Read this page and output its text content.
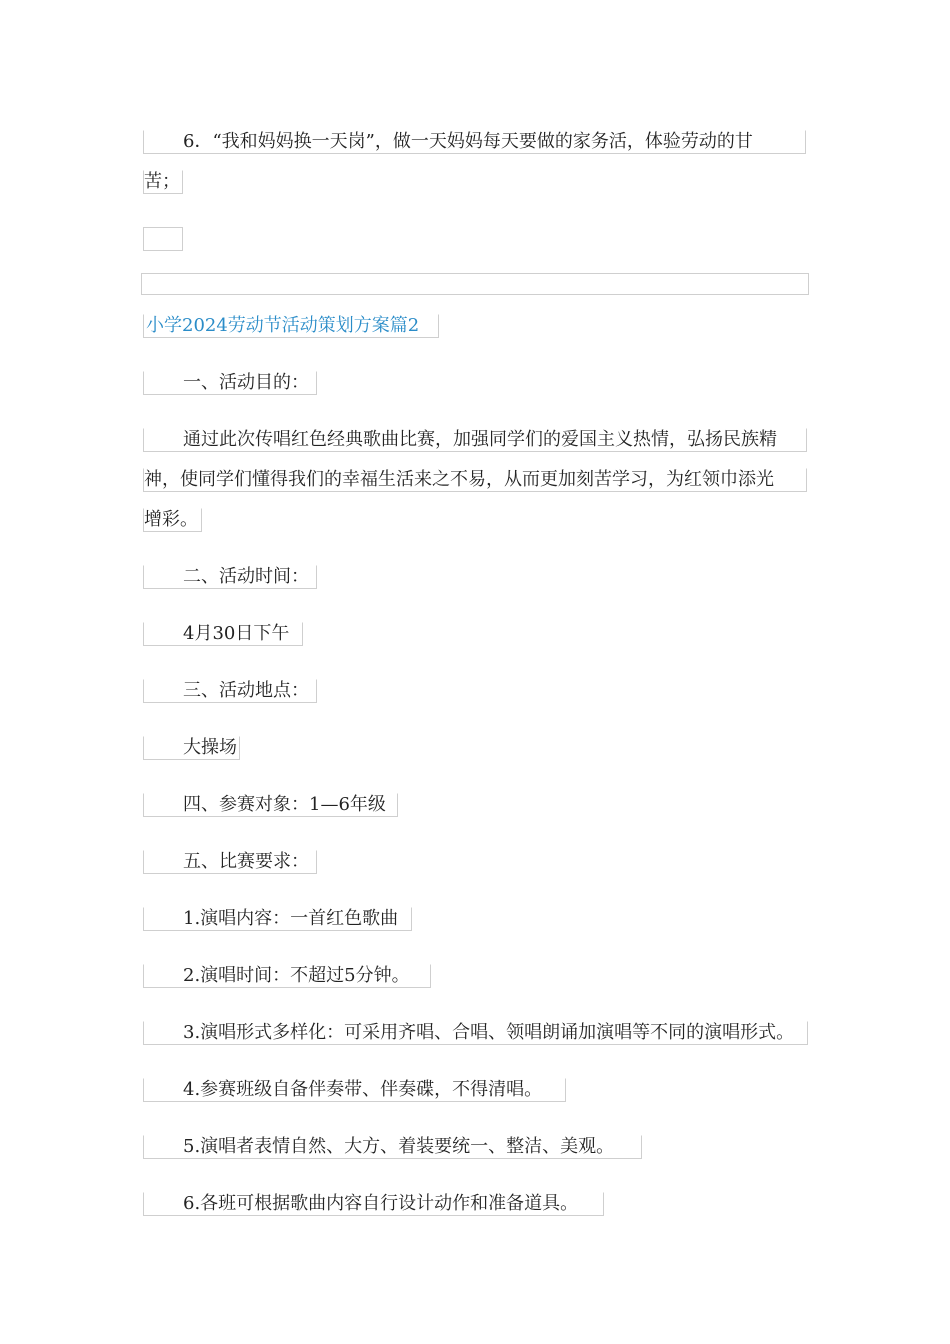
6．“我和妈妈换一天岗”，做一天妈妈每天要做的家务活，体验劳动的甘
苦；
小学2024劳动节活动策划方案篇2
一、活动目的：
通过此次传唱红色经典歌曲比赛，加强同学们的爱国主义热情，弘扬民族精
神，使同学们懂得我们的幸福生活来之不易，从而更加刻苦学习，为红领巾添光
增彩。
二、活动时间：
4月30日下午
三、活动地点：
大操场
四、参赛对象：1—6年级
五、比赛要求：
1.演唱内容：一首红色歌曲
2.演唱时间：不超过5分钟。
3.演唱形式多样化：可采用齐唱、合唱、领唱朗诵加演唱等不同的演唱形式。
4.参赛班级自备伴奏带、伴奏碟，不得清唱。
5.演唱者表情自然、大方、着装要统一、整洁、美观。
6.各班可根据歌曲内容自行设计动作和准备道具。
